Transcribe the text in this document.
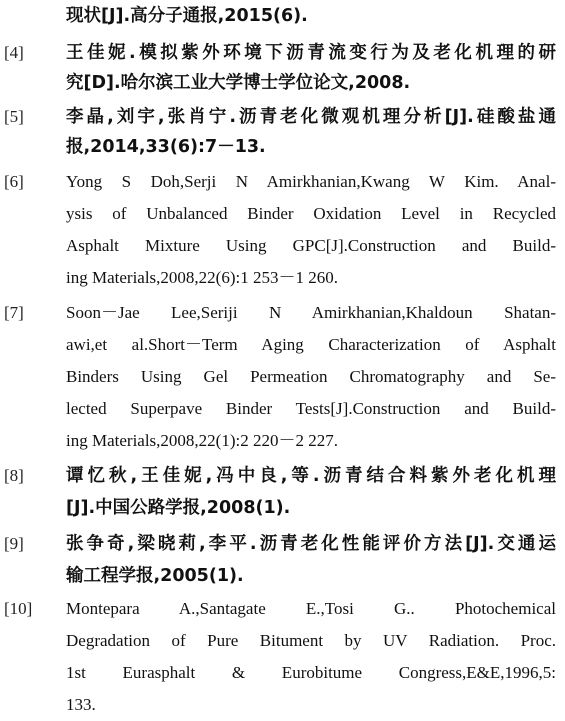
现状[J].高分子通报,2015(6).
[4] 王佳妮.模拟紫外环境下沥青流变行为及老化机理的研
究[D].哈尔滨工业大学博士学位论文,2008.
[5] 李晶,刘宇,张肖宁.沥青老化微观机理分析[J].硅酸盐通
报,2014,33(6):7－13.
[6] Yong S Doh,Serji N Amirkhanian,Kwang W Kim. Anal-
ysis of Unbalanced Binder Oxidation Level in Recycled
Asphalt Mixture Using GPC[J].Construction and Build-
ing Materials,2008,22(6):1 253－1 260.
[7] Soon－Jae Lee,Seriji N Amirkhanian,Khaldoun Shatan-
awi,et al.Short－Term Aging Characterization of Asphalt
Binders Using Gel Permeation Chromatography and Se-
lected Superpave Binder Tests[J].Construction and Build-
ing Materials,2008,22(1):2 220－2 227.
[8] 谭忆秋,王佳妮,冯中良,等.沥青结合料紫外老化机理
[J].中国公路学报,2008(1).
[9] 张争奇,梁晓莉,李平.沥青老化性能评价方法[J].交通运
输工程学报,2005(1).
[10] Montepara A.,Santagate E.,Tosi G.. Photochemical
Degradation of Pure Bitument by UV Radiation. Proc.
1st Eurasphalt & Eurobitume Congress,E&E,1996,5:
133.
